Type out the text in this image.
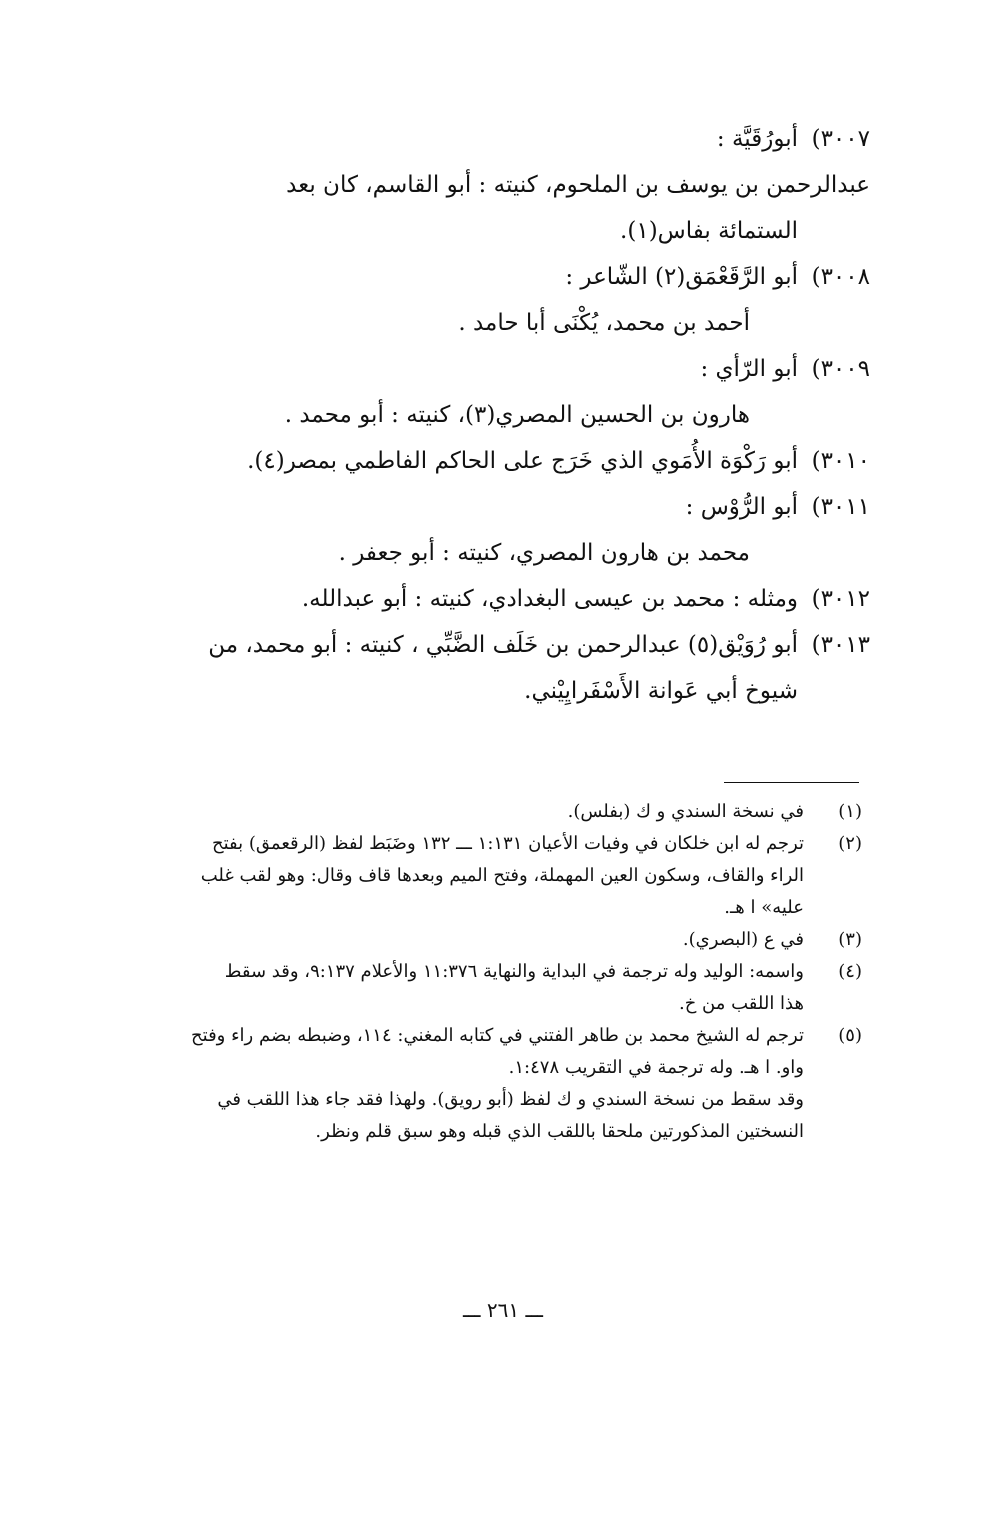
٣٠٠٧)
أبورُقَيَّة :
عبدالرحمن بن يوسف بن الملحوم، كنيته : أبو القاسم، كان بعد
الستمائة بفاس(١).
٣٠٠٨)
أبو الرَّقَعْمَق(٢) الشّاعر :
أحمد بن محمد، يُكْنَى أبا حامد .
٣٠٠٩)
أبو الرّأي :
هارون بن الحسين المصري(٣)، كنيته : أبو محمد .
٣٠١٠)
أبو رَكْوَة الأُمَوي الذي خَرَج على الحاكم الفاطمي بمصر(٤).
٣٠١١)
أبو الرُّوْس :
محمد بن هارون المصري، كنيته : أبو جعفر .
٣٠١٢)
ومثله : محمد بن عيسى البغدادي، كنيته : أبو عبدالله.
٣٠١٣)
أبو رُوَيْق(٥) عبدالرحمن بن خَلَف الضَّبِّي ، كنيته : أبو محمد، من
شيوخ أبي عَوانة الأَسْفَرايِيْني.
(١)
في نسخة السندي و ك (بفلس).
(٢)
ترجم له ابن خلكان في وفيات الأعيان ١:١٣١ ـــ ١٣٢ وضَبَط لفظ (الرقعمق) بفتح
الراء والقاف، وسكون العين المهملة، وفتح الميم وبعدها قاف وقال: وهو لقب غلب
عليه» ا هـ.
(٣)
في ع (البصري).
(٤)
واسمه: الوليد وله ترجمة في البداية والنهاية ١١:٣٧٦ والأعلام ٩:١٣٧، وقد سقط
هذا اللقب من خ.
(٥)
ترجم له الشيخ محمد بن طاهر الفتني في كتابه المغني: ١١٤، وضبطه بضم راء وفتح
واو. ا هـ. وله ترجمة في التقريب ١:٤٧٨.
وقد سقط من نسخة السندي و ك لفظ (أبو رويق). ولهذا فقد جاء هذا اللقب في
النسختين المذكورتين ملحقا باللقب الذي قبله وهو سبق قلم ونظر.
ـــ ٢٦١ ـــ
